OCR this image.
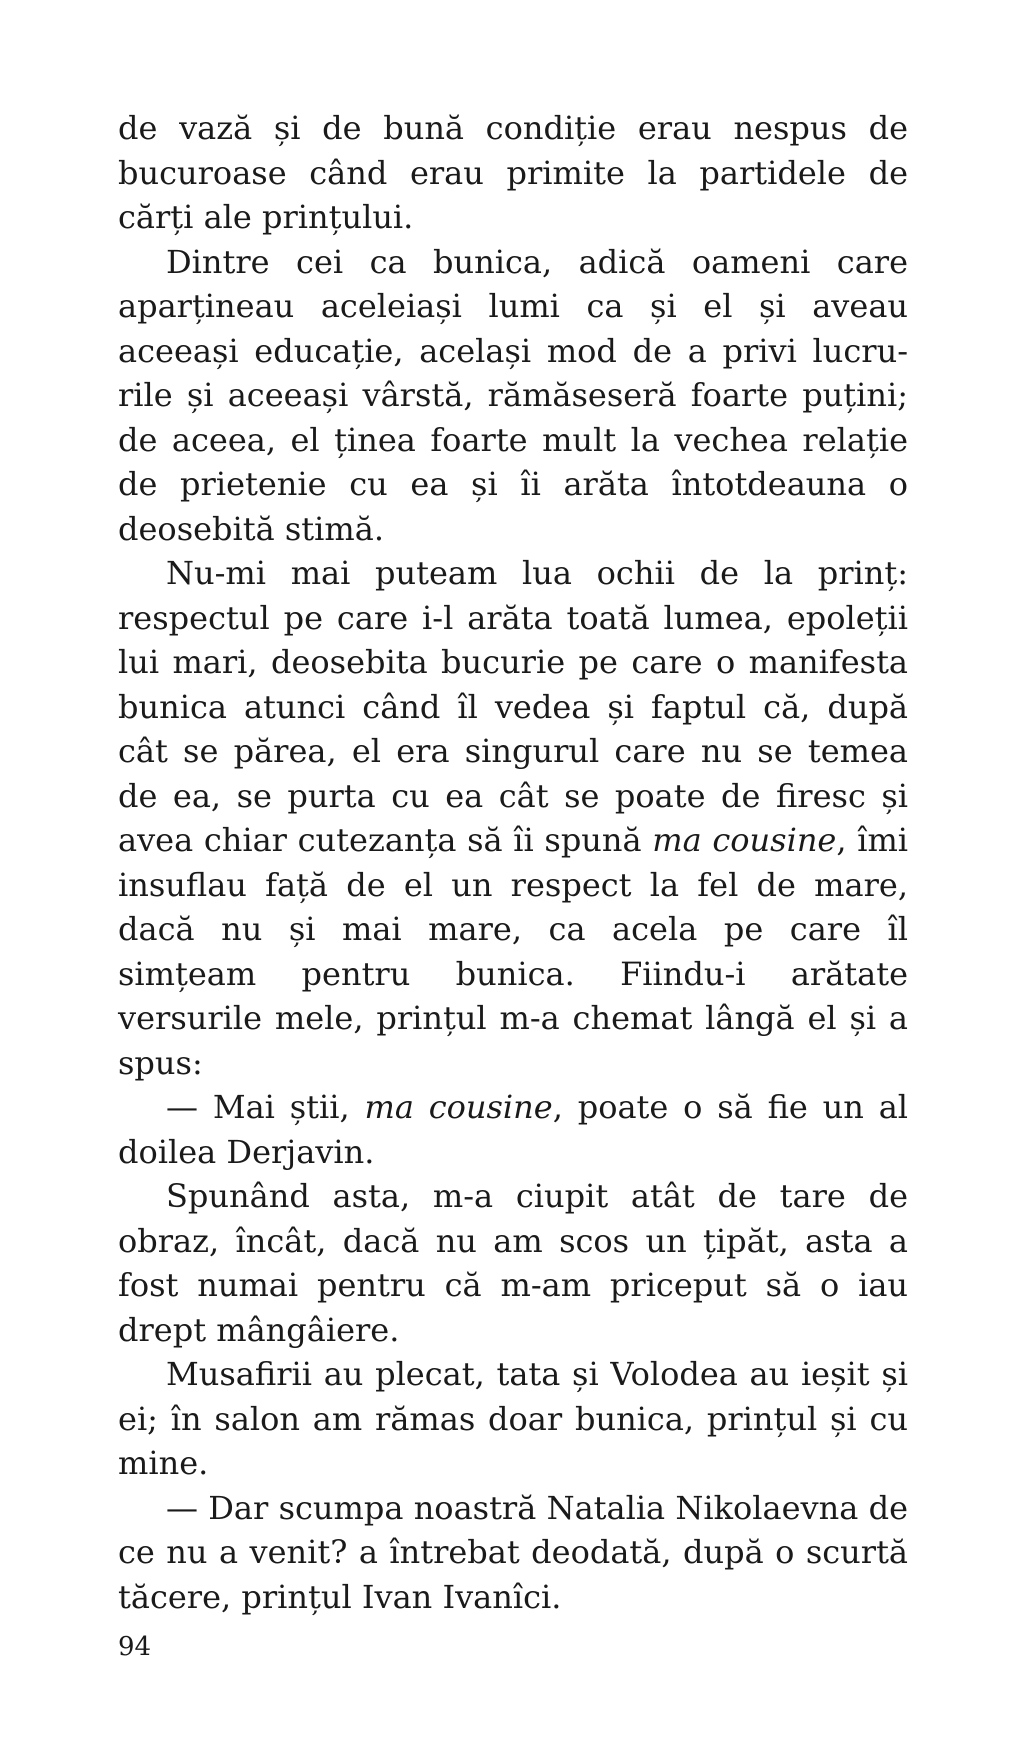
de vază și de bună condiție erau nespus de bucuroase când erau primite la partidele de cărți ale prințului.

Dintre cei ca bunica, adică oameni care aparțineau aceleiași lumi ca și el și aveau aceeași educație, același mod de a privi lucrurile și aceeași vârstă, rămăseseră foarte puțini; de aceea, el ținea foarte mult la vechea relație de prietenie cu ea și îi arăta întotdeauna o deosebită stimă.

Nu-mi mai puteam lua ochii de la prinț: respectul pe care i-l arăta toată lumea, epoleții lui mari, deosebita bucurie pe care o manifesta bunica atunci când îl vedea și faptul că, după cât se părea, el era singurul care nu se temea de ea, se purta cu ea cât se poate de firesc și avea chiar cutezanța să îi spună ma cousine, îmi insuflau față de el un respect la fel de mare, dacă nu și mai mare, ca acela pe care îl simțeam pentru bunica. Fiindu-i arătate versurile mele, prințul m-a chemat lângă el și a spus:

— Mai știi, ma cousine, poate o să fie un al doilea Derjavin.

Spunând asta, m-a ciupit atât de tare de obraz, încât, dacă nu am scos un țipăt, asta a fost numai pentru că m-am priceput să o iau drept mângâiere.

Musafirii au plecat, tata și Volodea au ieșit și ei; în salon am rămas doar bunica, prințul și cu mine.

— Dar scumpa noastră Natalia Nikolaevna de ce nu a venit? a întrebat deodată, după o scurtă tăcere, prințul Ivan Ivanîci.

94
